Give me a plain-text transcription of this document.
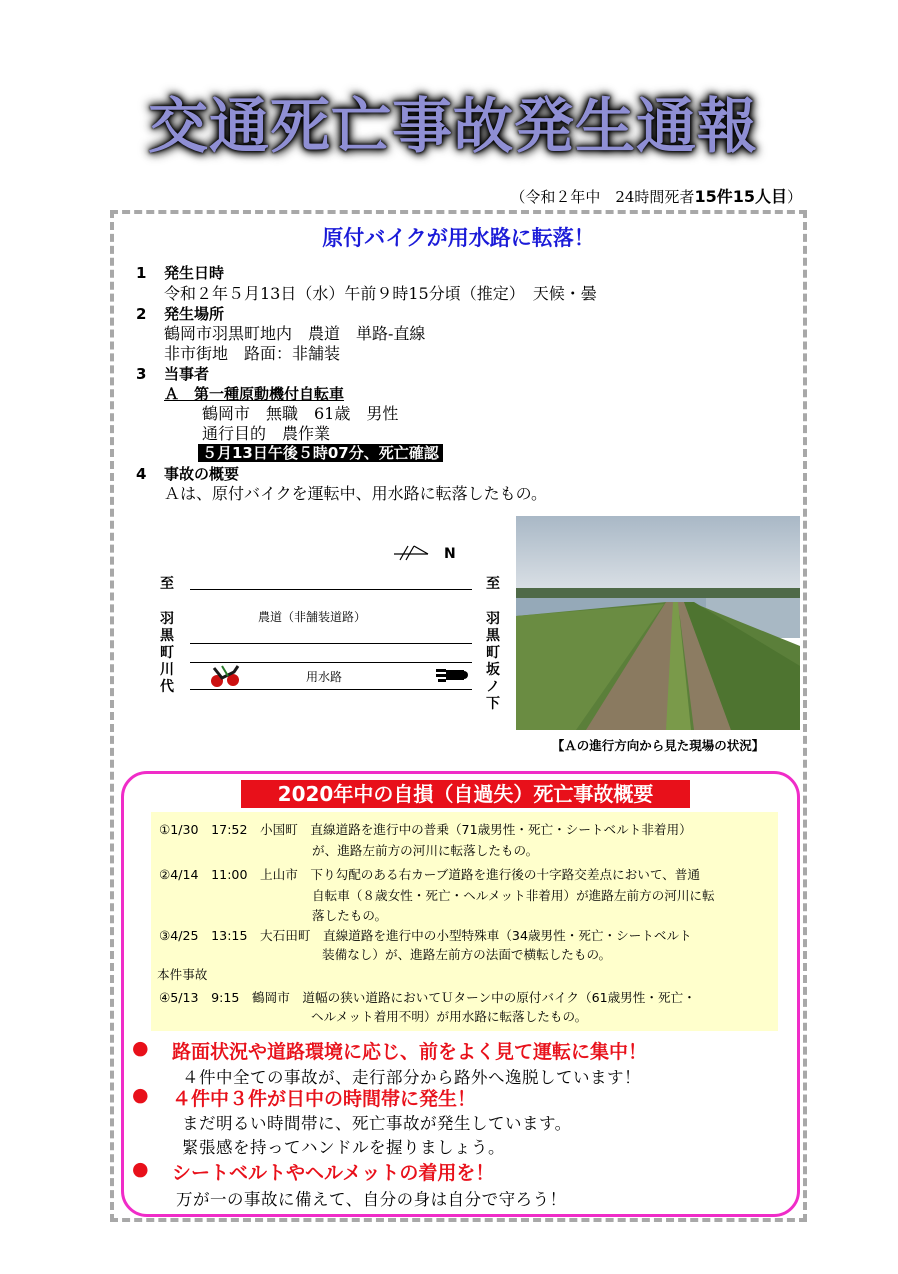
交通死亡事故発生通報
（令和２年中　24時間死者15件15人目）
原付バイクが用水路に転落！
1 発生日時
令和２年５月13日（水）午前９時15分頃（推定）　天候・曇
2 発生場所
鶴岡市羽黒町地内　農道　単路-直線
非市街地　路面：非舗装
3 当事者
Ａ　第一種原動機付自転車
鶴岡市　無職　61歳　男性
通行目的　農作業
５月13日午後５時07分、死亡確認
4 事故の概要
Ａは、原付バイクを運転中、用水路に転落したもの。
N
至
羽黒町川代
至
羽黒町坂ノ下
農道（非舗装道路）
用水路
【Ａの進行方向から見た現場の状況】
2020年中の自損（自過失）死亡事故概要
①1/30　17:52　小国町　直線道路を進行中の普乗（71歳男性・死亡・シートベルト非着用）
が、進路左前方の河川に転落したもの。
②4/14　11:00　上山市　下り勾配のある右カーブ道路を進行後の十字路交差点において、普通
自転車（８歳女性・死亡・ヘルメット非着用）が進路左前方の河川に転
落したもの。
③4/25　13:15　大石田町　直線道路を進行中の小型特殊車（34歳男性・死亡・シートベルト
装備なし）が、進路左前方の法面で横転したもの。
本件事故
④5/13　9:15　鶴岡市　道幅の狭い道路においてＵターン中の原付バイク（61歳男性・死亡・
ヘルメット着用不明）が用水路に転落したもの。
● 路面状況や道路環境に応じ、前をよく見て運転に集中！
４件中全ての事故が、走行部分から路外へ逸脱しています！
● ４件中３件が日中の時間帯に発生！
まだ明るい時間帯に、死亡事故が発生しています。
緊張感を持ってハンドルを握りましょう。
● シートベルトやヘルメットの着用を！
万が一の事故に備えて、自分の身は自分で守ろう！
